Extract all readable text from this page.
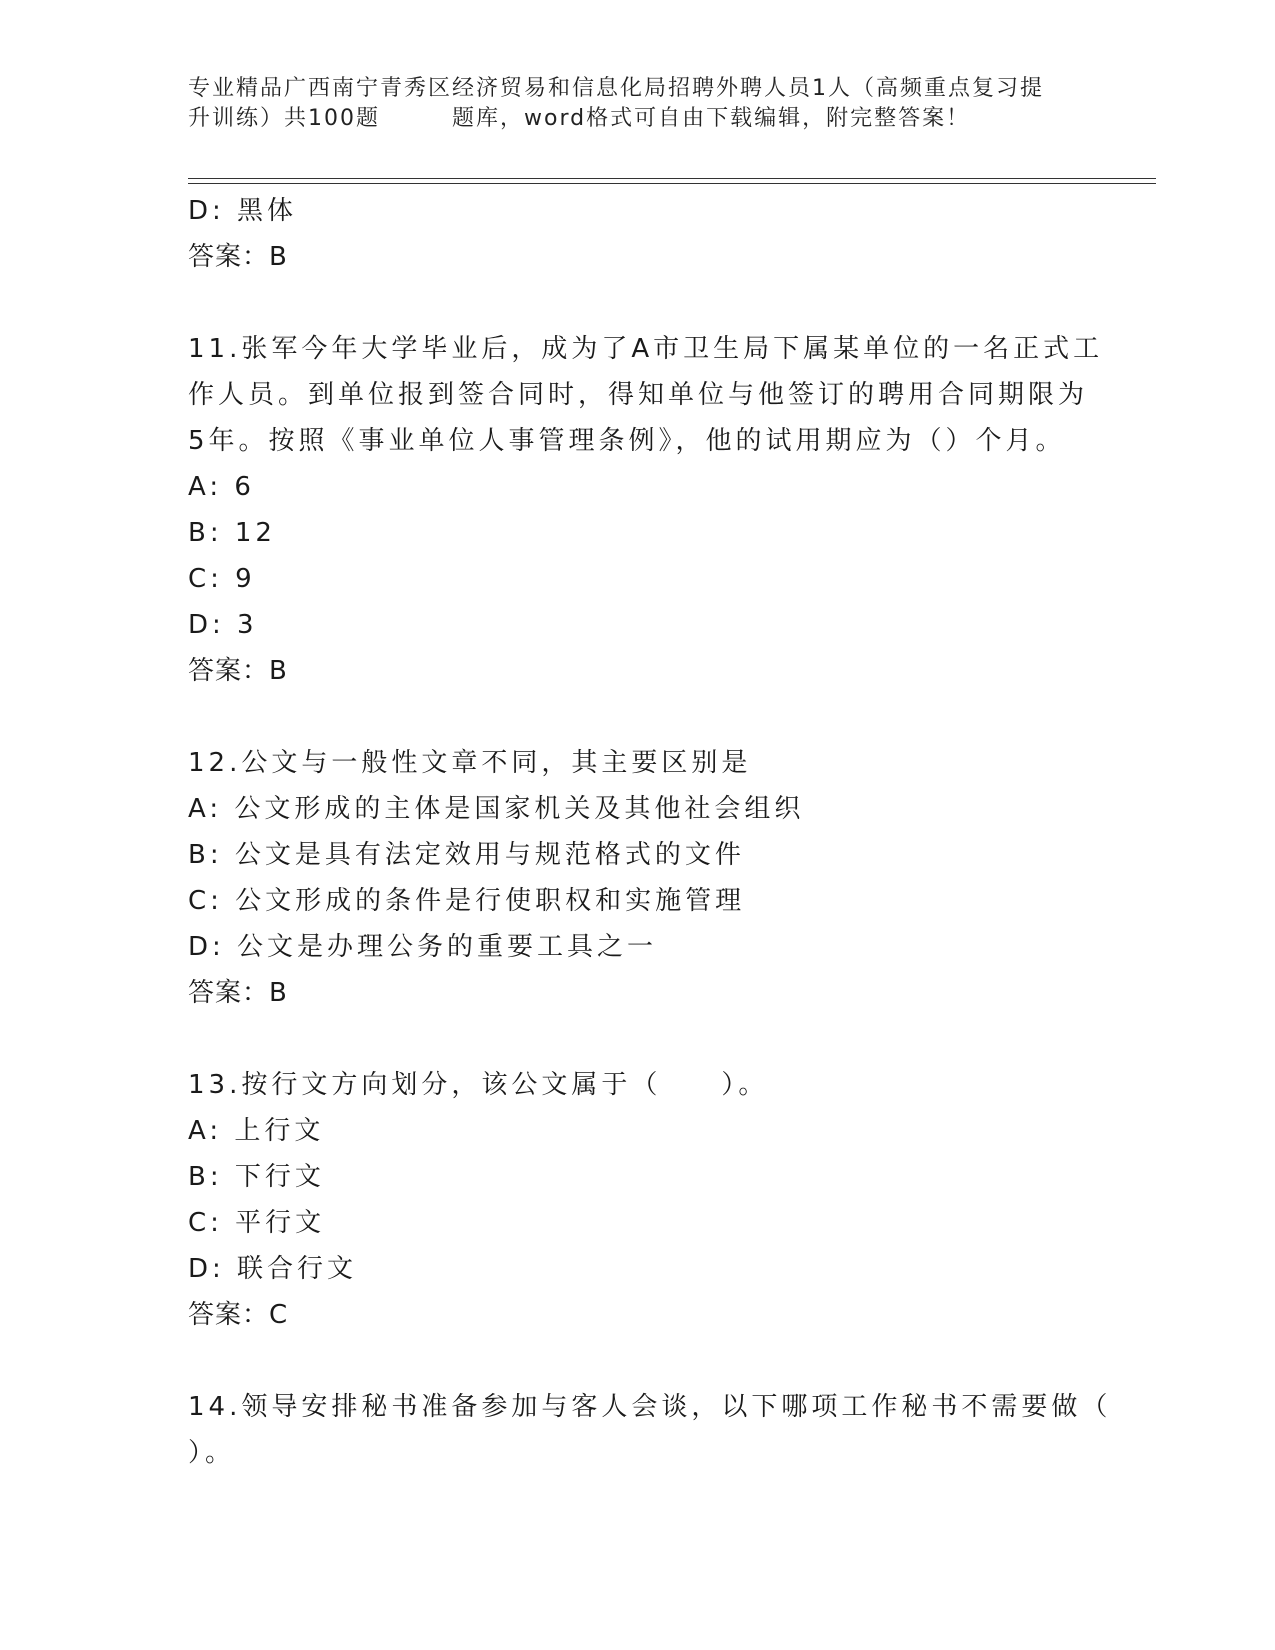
专业精品广西南宁青秀区经济贸易和信息化局招聘外聘人员1人（高频重点复习提
升训练）共100题	题库，word格式可自由下载编辑，附完整答案！

D: 黑体

答案：B

11.张军今年大学毕业后，成为了A市卫生局下属某单位的一名正式工
作人员。到单位报到签合同时，得知单位与他签订的聘用合同期限为
5年。按照《事业单位人事管理条例》，他的试用期应为（）个月。

A: 6

B: 12

C: 9

D: 3

答案：B

12.公文与一般性文章不同，其主要区别是

A: 公文形成的主体是国家机关及其他社会组织

B: 公文是具有法定效用与规范格式的文件

C: 公文形成的条件是行使职权和实施管理

D: 公文是办理公务的重要工具之一

答案：B

13.按行文方向划分，该公文属于（　　）。

A: 上行文

B: 下行文

C: 平行文

D: 联合行文

答案：C

14.领导安排秘书准备参加与客人会谈，以下哪项工作秘书不需要做（
）。
